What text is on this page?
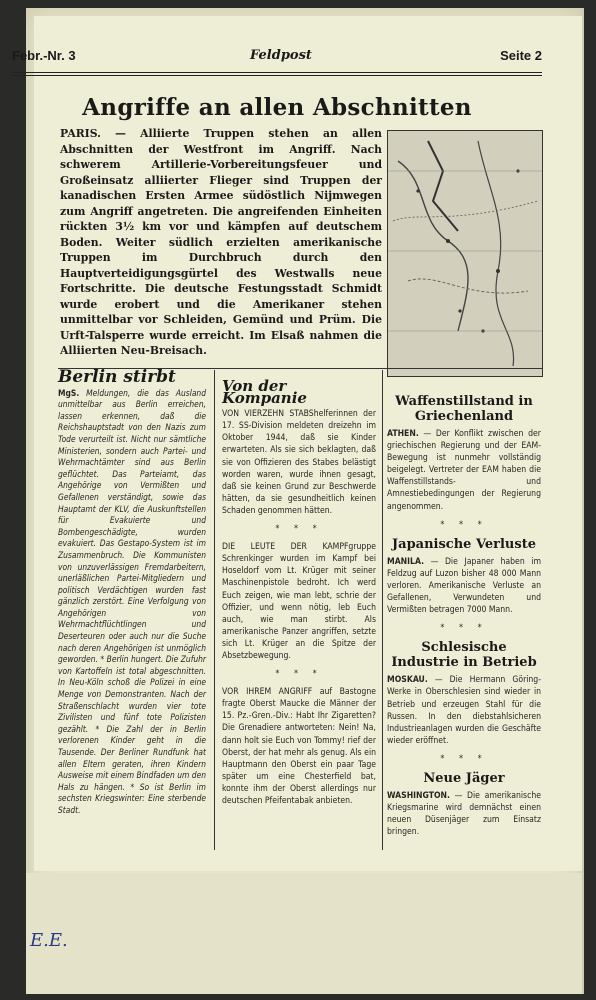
Febr.-Nr. 3	Feldpost	Seite 2
Angriffe an allen Abschnitten
PARIS. — Alliierte Truppen stehen an allen Abschnitten der Westfront im Angriff. Nach schwerem Artillerie-Vorbereitungsfeuer und Großeinsatz alliierter Flieger sind Truppen der kanadischen Ersten Armee südöstlich Nijmwegen zum Angriff angetreten. Die angreifenden Einheiten rückten 3½ km vor und kämpfen auf deutschem Boden. Weiter südlich erzielten amerikanische Truppen im Durchbruch durch den Hauptverteidigungsgürtel des Westwalls neue Fortschritte. Die deutsche Festungsstadt Schmidt wurde erobert und die Amerikaner stehen unmittelbar vor Schleiden, Gemünd und Prüm. Die Urft-Talsperre wurde erreicht. Im Elsaß nahmen die Alliierten Neu-Breisach.
Berlin stirbt

MgS. Meldungen, die das Ausland unmittelbar aus Berlin erreichen, lassen erkennen, daß die Reichshauptstadt von den Nazis zum Tode verurteilt ist. Nicht nur sämtliche Ministerien, sondern auch Partei- und Wehrmachtämter sind aus Berlin geflüchtet. Das Parteiamt, das Angehörige von Vermißten und Gefallenen verständigt, sowie das Hauptamt der KLV, die Auskunftstellen für Evakuierte und Bombengeschädigte, wurden evakuiert. Das Gestapo-System ist im Zusammenbruch. Die Kommunisten von unzuverlässigen Fremdarbeitern, unerläßlichen Partei-Mitgliedern und politisch Verdächtigen wurden fast gänzlich zerstört. Eine Verfolgung von Angehörigen von Wehrmachtflüchtlingen und Deserteuren oder auch nur die Suche nach deren Angehörigen ist unmöglich geworden. * Berlin hungert. Die Zufuhr von Kartoffeln ist total abgeschnitten. In Neu-Köln schoß die Polizei in eine Menge von Demonstranten. Nach der Straßenschlacht wurden vier tote Zivilisten und fünf tote Polizisten gezählt. * Die Zahl der in Berlin verlorenen Kinder geht in die Tausende. Der Berliner Rundfunk hat allen Eltern geraten, ihren Kindern Ausweise mit einem Bindfaden um den Hals zu hängen. * So ist Berlin im sechsten Kriegswinter: Eine sterbende Stadt.

Von der Kompanie

VON VIERZEHN STABShelferinnen der 17. SS-Division meldeten dreizehn im Oktober 1944, daß sie Kinder erwarteten. Als sie sich beklagten, daß sie von Offizieren des Stabes belästigt worden waren, wurde ihnen gesagt, daß sie keinen Grund zur Beschwerde hätten, da sie gesundheitlich keinen Schaden genommen hätten.

* * *

DIE LEUTE DER KAMPFgruppe Schrenkinger wurden im Kampf bei Hoseldorf vom Lt. Krüger mit seiner Maschinenpistole bedroht. Ich werd Euch zeigen, wie man lebt, schrie der Offizier, und wenn nötig, leb Euch auch, wie man stirbt. Als amerikanische Panzer angriffen, setzte sich Lt. Krüger an die Spitze der Absetzbewegung.

* * *

VOR IHREM ANGRIFF auf Bastogne fragte Oberst Maucke die Männer der 15. Pz.-Gren.-Div.: Habt Ihr Zigaretten? Die Grenadiere antworteten: Nein! Na, dann holt sie Euch von Tommy! rief der Oberst, der hat mehr als genug. Als ein Hauptmann den Oberst ein paar Tage später um eine Chesterfield bat, konnte ihm der Oberst allerdings nur deutschen Pfeifentabak anbieten.

Waffenstillstand in Griechenland

ATHEN. — Der Konflikt zwischen der griechischen Regierung und der EAM-Bewegung ist nunmehr vollständig beigelegt. Vertreter der EAM haben die Waffenstillstands- und Amnestiebedingungen der Regierung angenommen.

* * *
Japanische Verluste

MANILA. — Die Japaner haben im Feldzug auf Luzon bisher 48 000 Mann verloren. Amerikanische Verluste an Gefallenen, Verwundeten und Vermißten betragen 7000 Mann.

* * *
Schlesische Industrie in Betrieb

MOSKAU. — Die Hermann Göring-Werke in Oberschlesien sind wieder in Betrieb und erzeugen Stahl für die Russen. In den diebstahlsicheren Industrieanlagen wurden die Geschäfte wieder eröffnet.

* * *
Neue Jäger

WASHINGTON. — Die amerikanische Kriegsmarine wird demnächst einen neuen Düsenjäger zum Einsatz bringen.

E.E.
